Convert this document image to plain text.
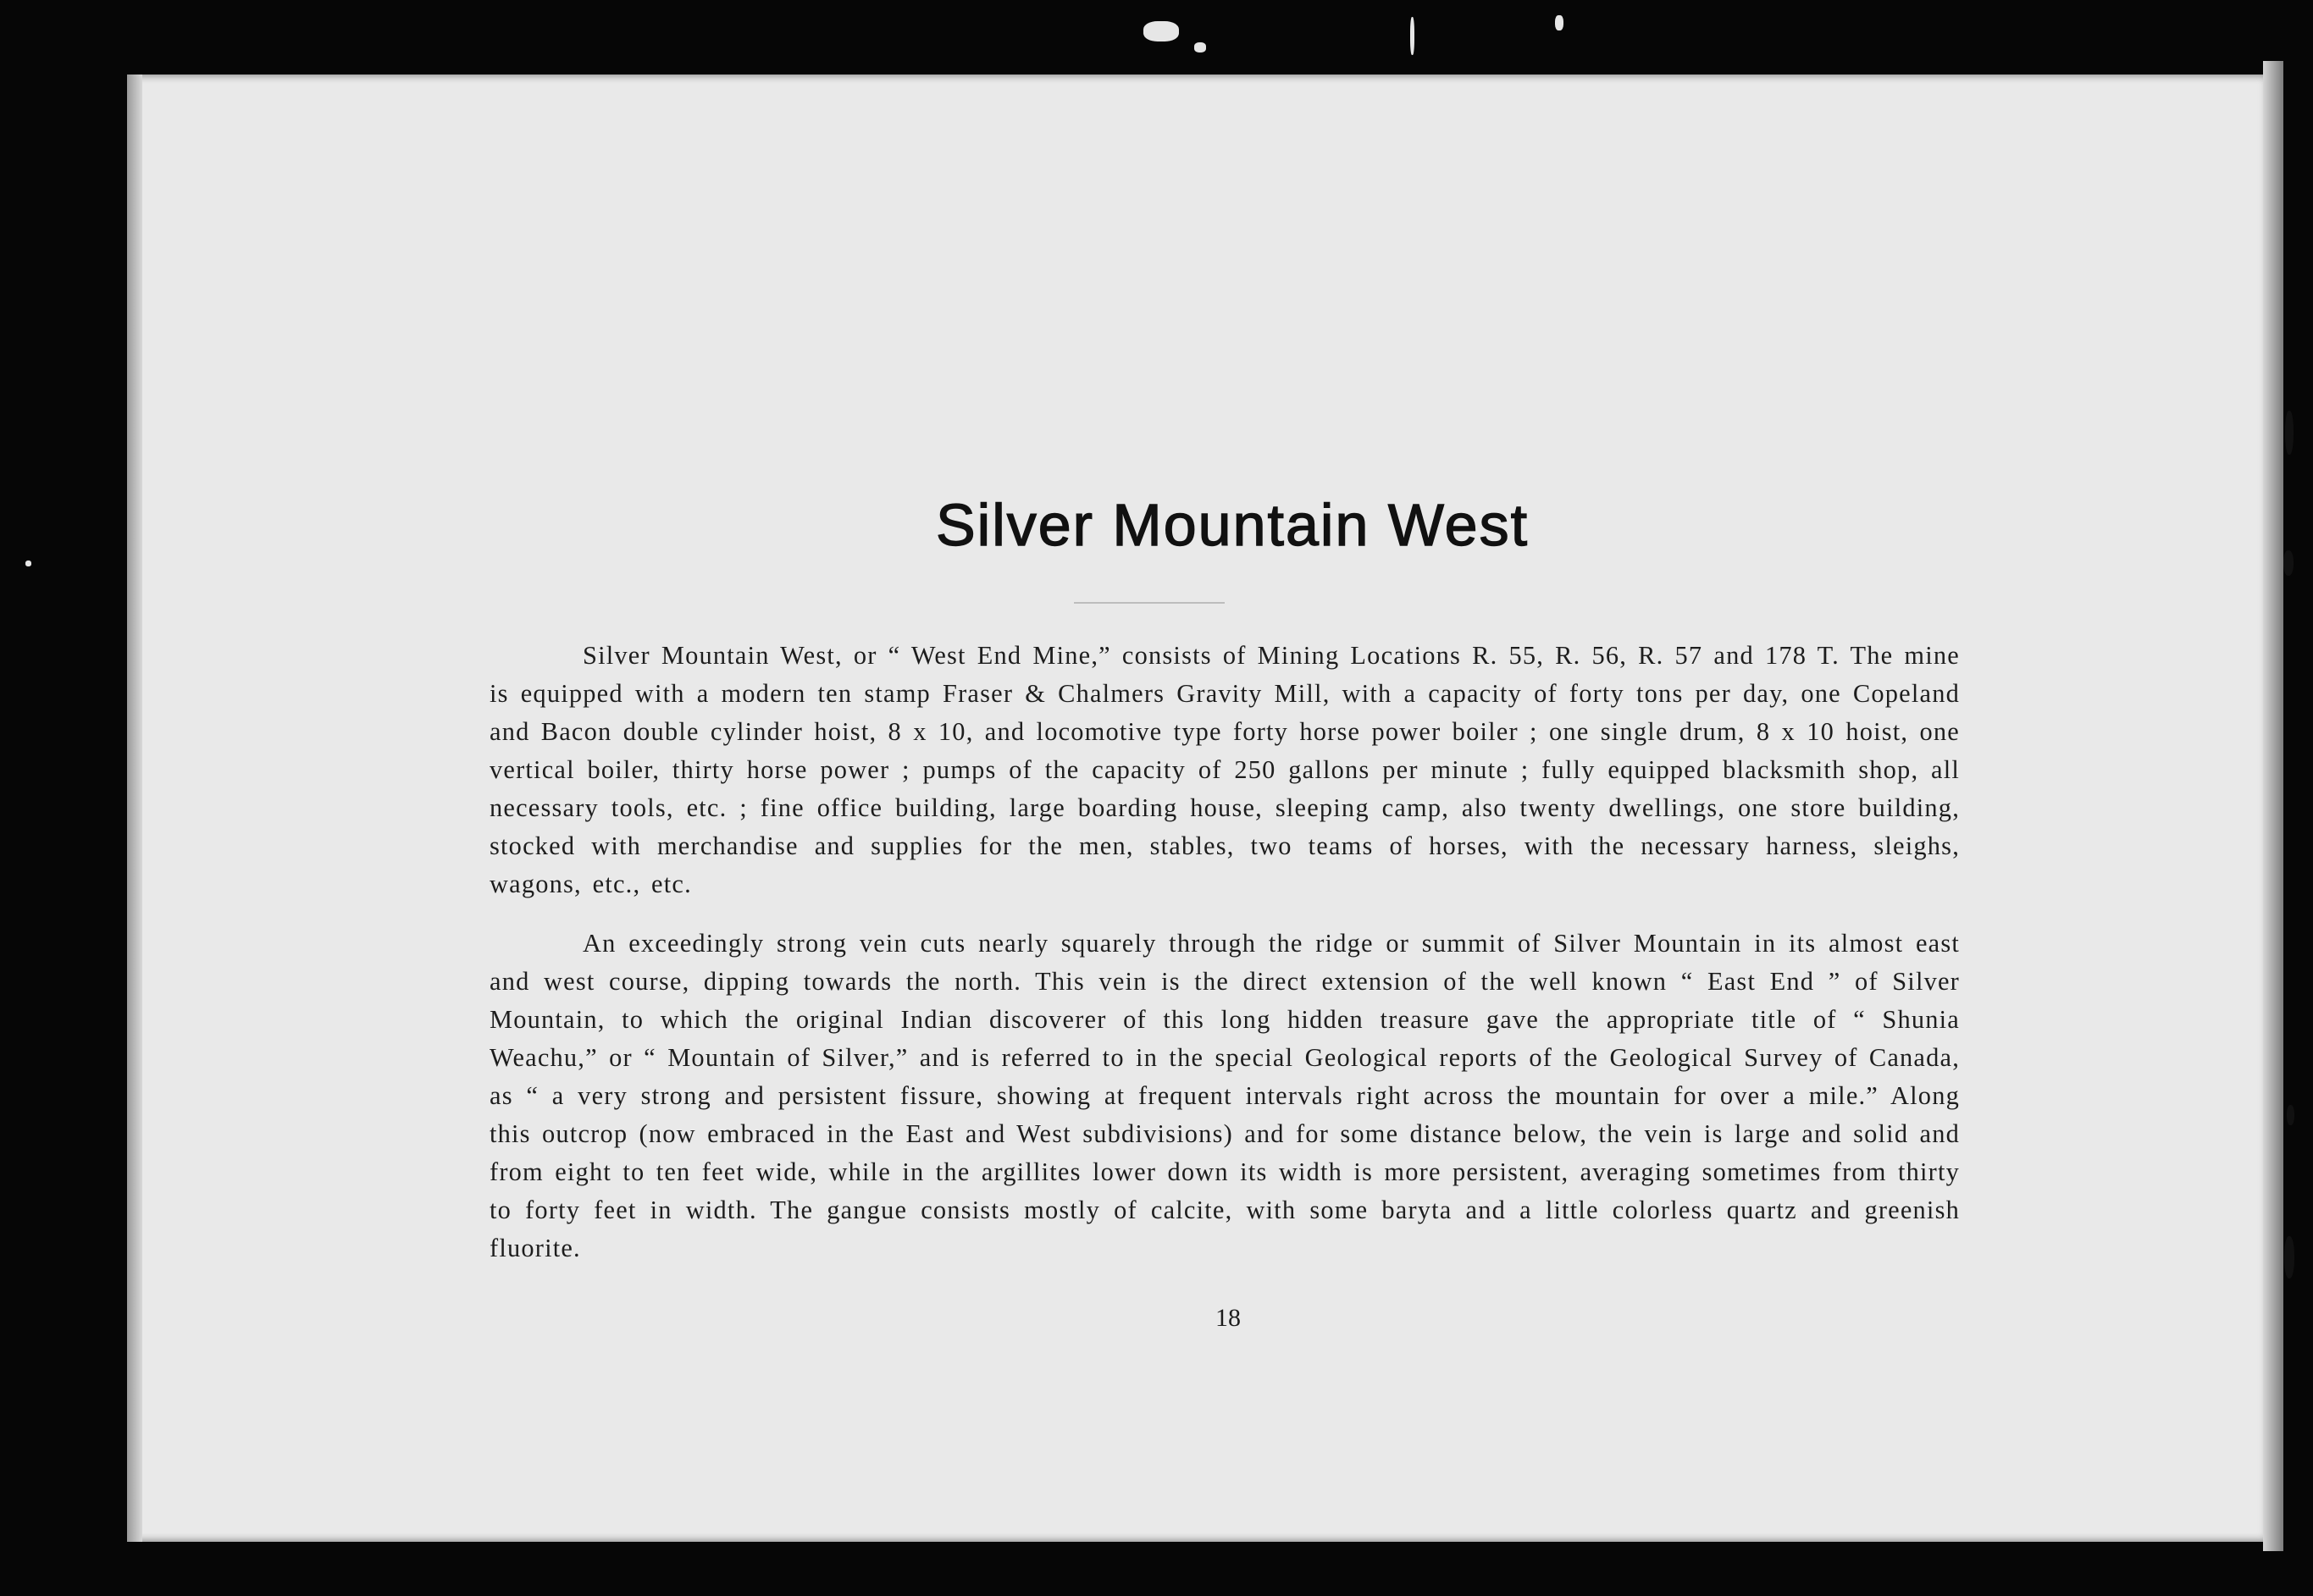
Silver Mountain West

Silver Mountain West, or “ West End Mine,” consists of Mining Locations R. 55, R. 56, R. 57 and 178 T. The mine is equipped with a modern ten stamp Fraser & Chalmers Gravity Mill, with a capacity of forty tons per day, one Copeland and Bacon double cylinder hoist, 8 x 10, and locomotive type forty horse power boiler ; one single drum, 8 x 10 hoist, one vertical boiler, thirty horse power ; pumps of the capacity of 250 gallons per minute ; fully equipped blacksmith shop, all necessary tools, etc. ; fine office building, large boarding house, sleeping camp, also twenty dwellings, one store building, stocked with merchandise and supplies for the men, stables, two teams of horses, with the necessary harness, sleighs, wagons, etc., etc.

An exceedingly strong vein cuts nearly squarely through the ridge or summit of Silver Mountain in its almost east and west course, dipping towards the north. This vein is the direct extension of the well known “ East End ” of Silver Mountain, to which the original Indian discoverer of this long hidden treasure gave the appropriate title of “ Shunia Weachu,” or “ Mountain of Silver,” and is referred to in the special Geological reports of the Geological Survey of Canada, as “ a very strong and persistent fissure, showing at frequent intervals right across the mountain for over a mile.” Along this outcrop (now embraced in the East and West subdivisions) and for some distance below, the vein is large and solid and from eight to ten feet wide, while in the argillites lower down its width is more persistent, averaging sometimes from thirty to forty feet in width. The gangue consists mostly of calcite, with some baryta and a little colorless quartz and greenish fluorite.

18
